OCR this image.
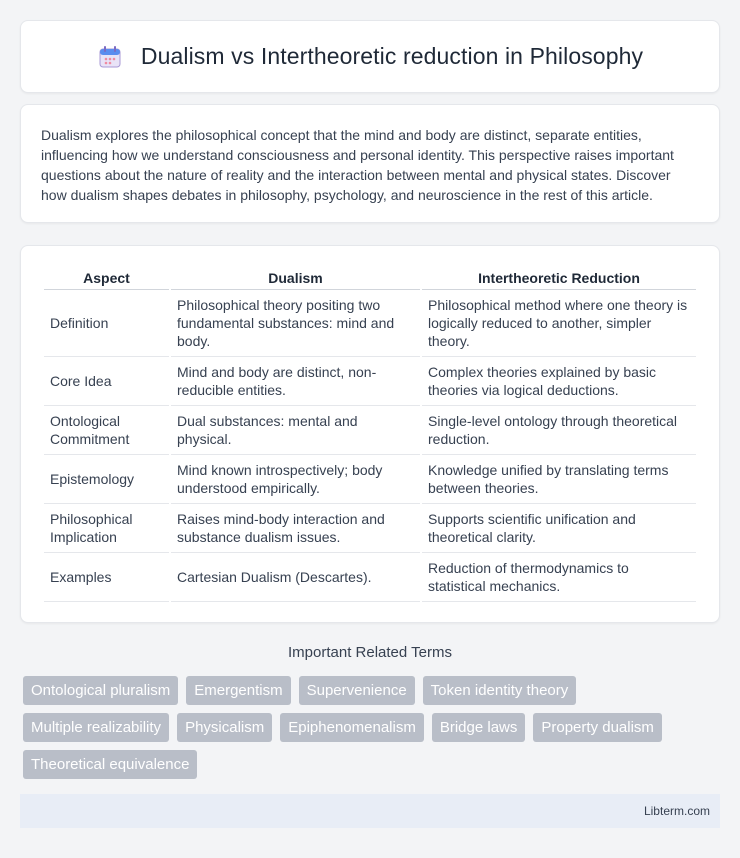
Dualism vs Intertheoretic reduction in Philosophy

Dualism explores the philosophical concept that the mind and body are distinct, separate entities, influencing how we understand consciousness and personal identity. This perspective raises important questions about the nature of reality and the interaction between mental and physical states. Discover how dualism shapes debates in philosophy, psychology, and neuroscience in the rest of this article.

Aspect	Dualism	Intertheoretic Reduction
Definition	Philosophical theory positing two fundamental substances: mind and body.	Philosophical method where one theory is logically reduced to another, simpler theory.
Core Idea	Mind and body are distinct, non-reducible entities.	Complex theories explained by basic theories via logical deductions.
Ontological Commitment	Dual substances: mental and physical.	Single-level ontology through theoretical reduction.
Epistemology	Mind known introspectively; body understood empirically.	Knowledge unified by translating terms between theories.
Philosophical Implication	Raises mind-body interaction and substance dualism issues.	Supports scientific unification and theoretical clarity.
Examples	Cartesian Dualism (Descartes).	Reduction of thermodynamics to statistical mechanics.
Important Related Terms
Ontological pluralism	Emergentism	Supervenience	Token identity theory
Multiple realizability	Physicalism	Epiphenomenalism	Bridge laws	Property dualism
Theoretical equivalence
Libterm.com
